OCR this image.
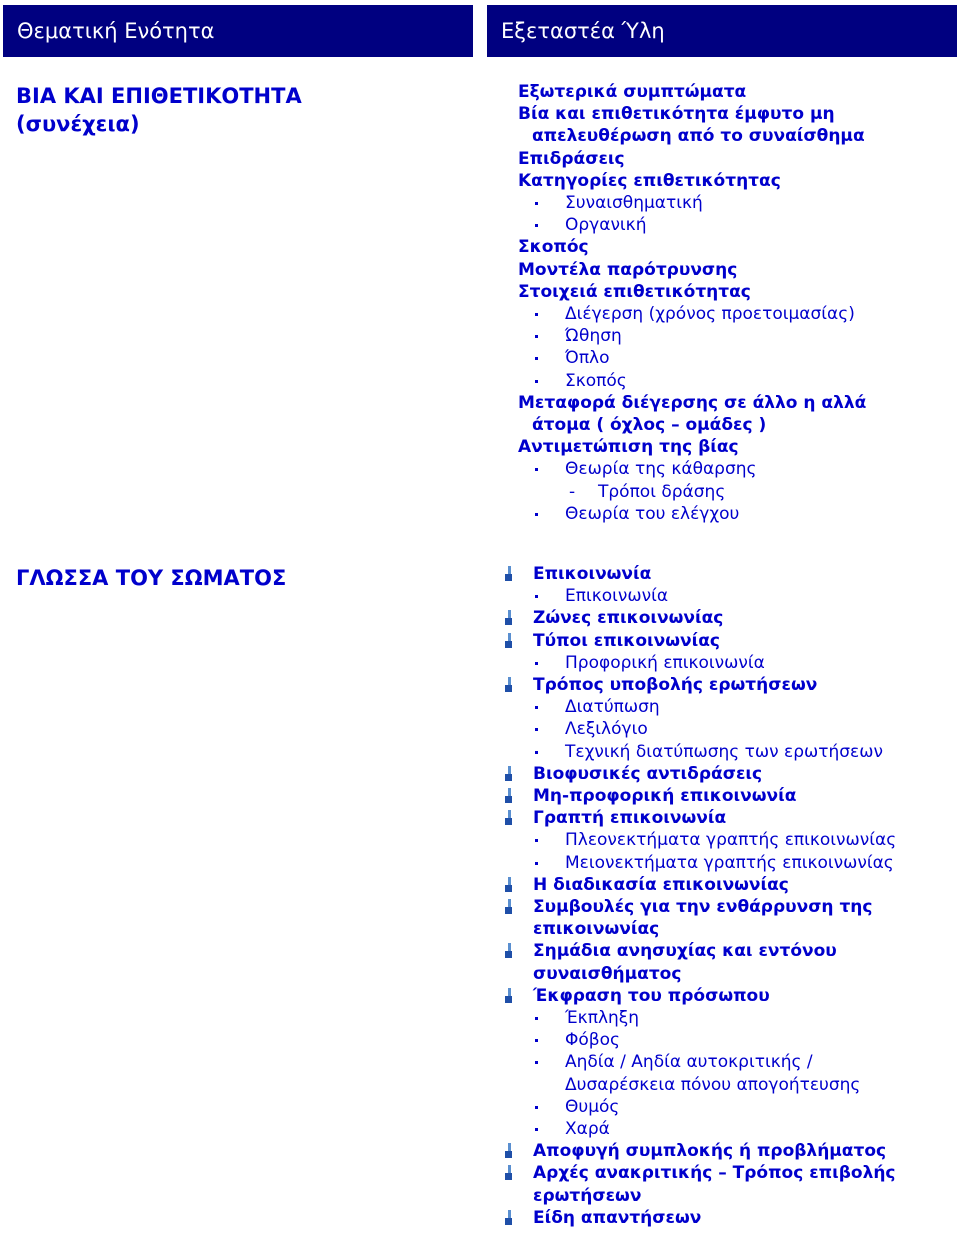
Θεματική Ενότητα	Εξεταστέα Ύλη
ΒΙΑ ΚΑΙ ΕΠΙΘΕΤΙΚΟΤΗΤΑ
(συνέχεια)
ΓΛΩΣΣΑ ΤΟΥ ΣΩΜΑΤΟΣ
Εξωτερικά συμπτώματα
Βία και επιθετικότητα έμφυτο μη
απελευθέρωση από το συναίσθημα
Επιδράσεις
Κατηγορίες επιθετικότητας
Συναισθηματική
Οργανική
Σκοπός
Μοντέλα παρότρυνσης
Στοιχειά επιθετικότητας
Διέγερση (χρόνος προετοιμασίας)
Ώθηση
Όπλο
Σκοπός
Μεταφορά διέγερσης σε άλλο η αλλά
άτομα ( όχλος – ομάδες )
Αντιμετώπιση της βίας
Θεωρία της κάθαρσης
- Τρόποι δράσης
Θεωρία του ελέγχου
Επικοινωνία
Επικοινωνία
Ζώνες επικοινωνίας
Τύποι επικοινωνίας
Προφορική επικοινωνία
Τρόπος υποβολής ερωτήσεων
Διατύπωση
Λεξιλόγιο
Τεχνική διατύπωσης των ερωτήσεων
Βιοφυσικές αντιδράσεις
Μη-προφορική επικοινωνία
Γραπτή επικοινωνία
Πλεονεκτήματα γραπτής επικοινωνίας
Μειονεκτήματα γραπτής επικοινωνίας
Η διαδικασία επικοινωνίας
Συμβουλές για την ενθάρρυνση της
επικοινωνίας
Σημάδια ανησυχίας και εντόνου
συναισθήματος
Έκφραση του πρόσωπου
Έκπληξη
Φόβος
Αηδία / Αηδία αυτοκριτικής /
Δυσαρέσκεια πόνου απογοήτευσης
Θυμός
Χαρά
Αποφυγή συμπλοκής ή προβλήματος
Αρχές ανακριτικής – Τρόπος επιβολής
ερωτήσεων
Είδη απαντήσεων
